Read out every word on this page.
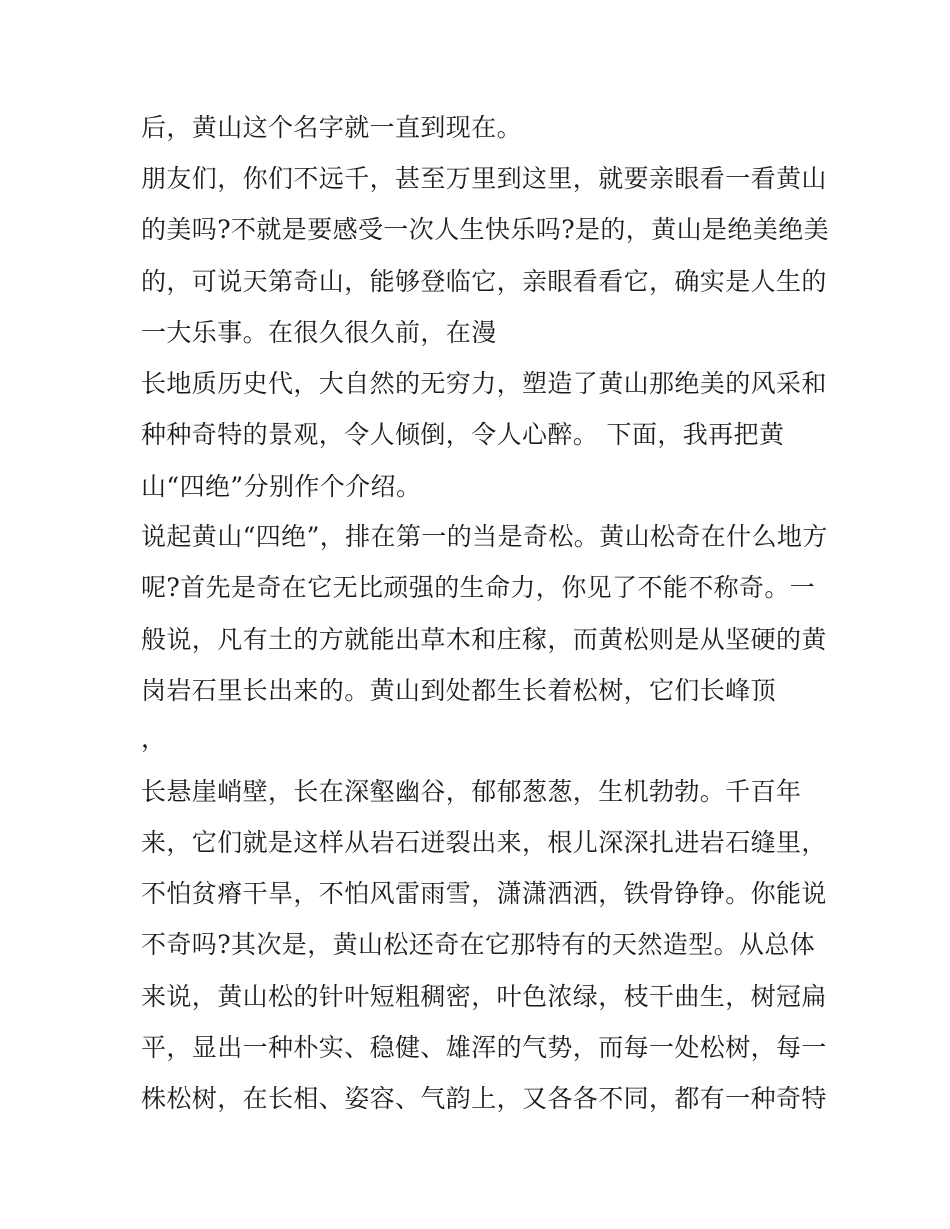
后，黄山这个名字就一直到现在。

朋友们，你们不远千，甚至万里到这里，就要亲眼看一看黄山

的美吗?不就是要感受一次人生快乐吗?是的，黄山是绝美绝美

的，可说天第奇山，能够登临它，亲眼看看它，确实是人生的

一大乐事。在很久很久前，在漫

长地质历史代，大自然的无穷力，塑造了黄山那绝美的风采和

种种奇特的景观，令人倾倒，令人心醉。 下面，我再把黄

山“四绝”分别作个介绍。

说起黄山“四绝”，排在第一的当是奇松。黄山松奇在什么地方

呢?首先是奇在它无比顽强的生命力，你见了不能不称奇。一

般说，凡有土的方就能出草木和庄稼，而黄松则是从坚硬的黄

岗岩石里长出来的。黄山到处都生长着松树，它们长峰顶

，

长悬崖峭壁，长在深壑幽谷，郁郁葱葱，生机勃勃。千百年

来，它们就是这样从岩石迸裂出来，根儿深深扎进岩石缝里，

不怕贫瘠干旱，不怕风雷雨雪，潇潇洒洒，铁骨铮铮。你能说

不奇吗?其次是，黄山松还奇在它那特有的天然造型。从总体

来说，黄山松的针叶短粗稠密，叶色浓绿，枝干曲生，树冠扁

平，显出一种朴实、稳健、雄浑的气势，而每一处松树，每一

株松树，在长相、姿容、气韵上，又各各不同，都有一种奇特
